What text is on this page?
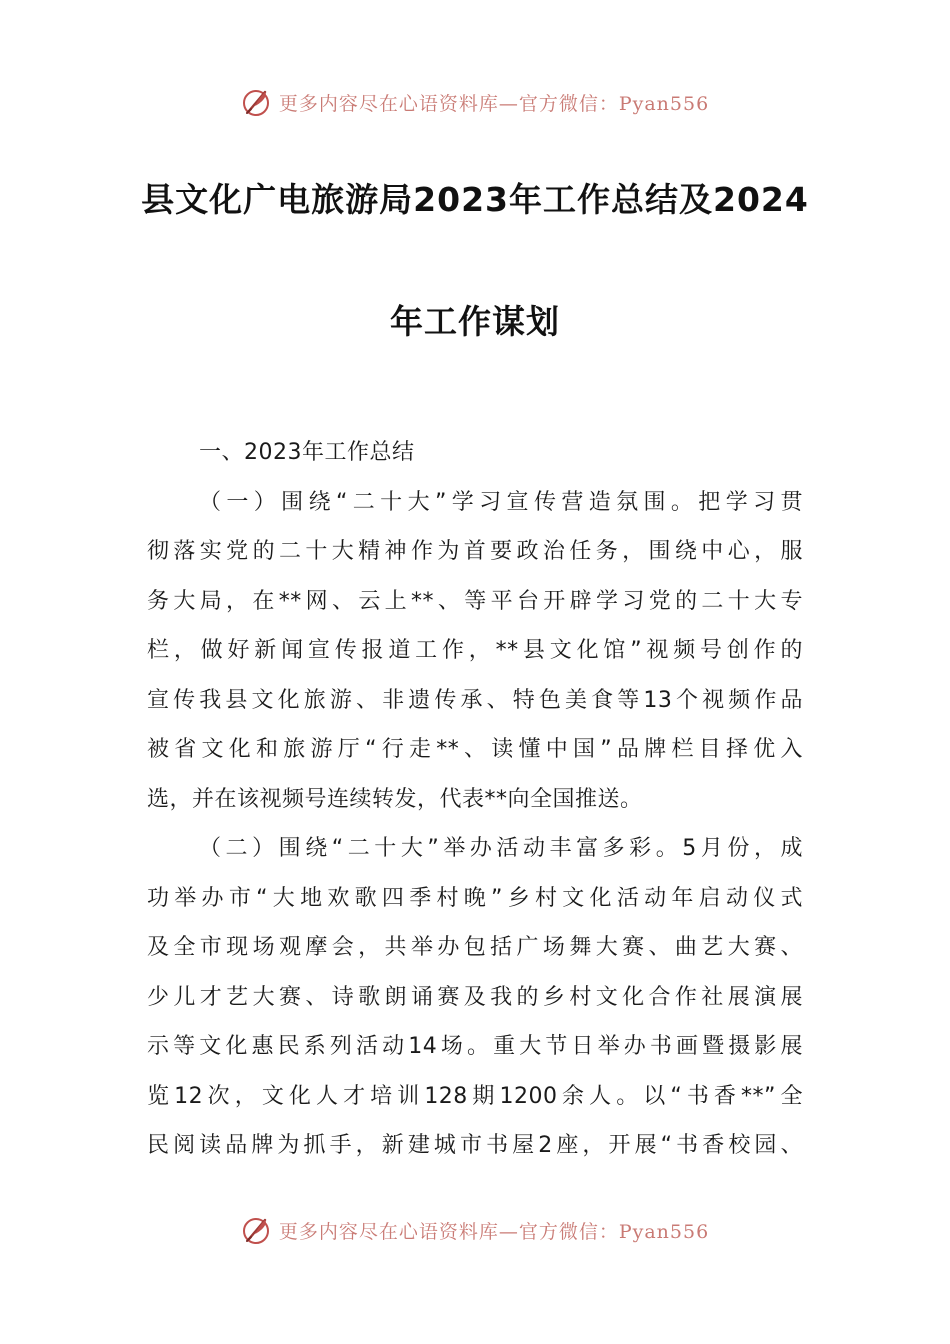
更多内容尽在心语资料库—官方微信：Pyan556
县文化广电旅游局2023年工作总结及2024
年工作谋划
一、2023年工作总结
（一）围绕“二十大”学习宣传营造氛围。把学习贯
彻落实党的二十大精神作为首要政治任务，围绕中心，服
务大局，在**网、云上**、等平台开辟学习党的二十大专
栏，做好新闻宣传报道工作，**县文化馆”视频号创作的
宣传我县文化旅游、非遗传承、特色美食等13个视频作品
被省文化和旅游厅“行走**、读懂中国”品牌栏目择优入
选，并在该视频号连续转发，代表**向全国推送。
（二）围绕“二十大”举办活动丰富多彩。5月份，成
功举办市“大地欢歌四季村晚”乡村文化活动年启动仪式
及全市现场观摩会，共举办包括广场舞大赛、曲艺大赛、
少儿才艺大赛、诗歌朗诵赛及我的乡村文化合作社展演展
示等文化惠民系列活动14场。重大节日举办书画暨摄影展
览12次，文化人才培训128期1200余人。以“书香**”全
民阅读品牌为抓手，新建城市书屋2座，开展“书香校园、
更多内容尽在心语资料库—官方微信：Pyan556
